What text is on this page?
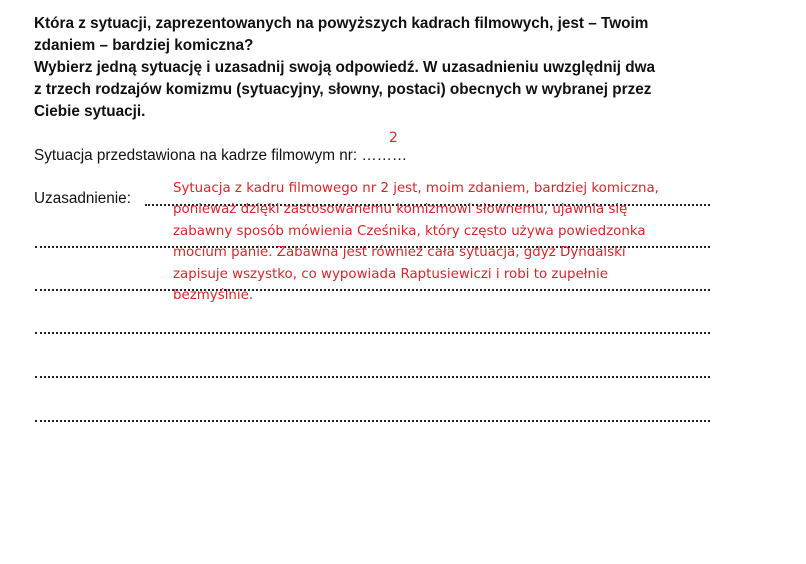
Która z sytuacji, zaprezentowanych na powyższych kadrach filmowych, jest – Twoim
zdaniem – bardziej komiczna?
Wybierz jedną sytuację i uzasadnij swoją odpowiedź. W uzasadnieniu uwzględnij dwa
z trzech rodzajów komizmu (sytuacyjny, słowny, postaci) obecnych w wybranej przez
Ciebie sytuacji.
Sytuacja przedstawiona na kadrze filmowym nr: ………
2
Uzasadnienie:
Sytuacja z kadru filmowego nr 2 jest, moim zdaniem, bardziej komiczna,
ponieważ dzięki zastosowanemu komizmowi słownemu, ujawnia się
zabawny sposób mówienia Cześnika, który często używa powiedzonka
mocium panie. Zabawna jest również cała sytuacja, gdyż Dyndalski
zapisuje wszystko, co wypowiada Raptusiewiczi i robi to zupełnie
bezmyślnie.
